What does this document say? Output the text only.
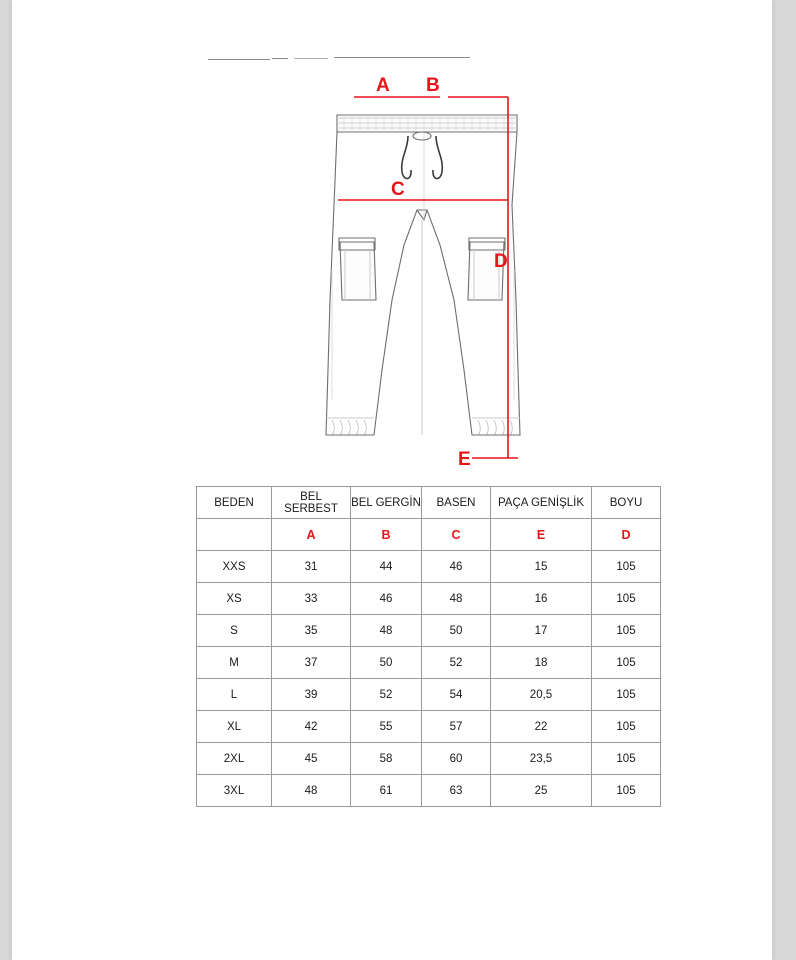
A B
C
D
E
BEDEN	BEL SERBEST	BEL GERGİN	BASEN	PAÇA GENİŞLİK	BOYU
	A	B	C	E	D
XXS	31	44	46	15	105
XS	33	46	48	16	105
S	35	48	50	17	105
M	37	50	52	18	105
L	39	52	54	20,5	105
XL	42	55	57	22	105
2XL	45	58	60	23,5	105
3XL	48	61	63	25	105
